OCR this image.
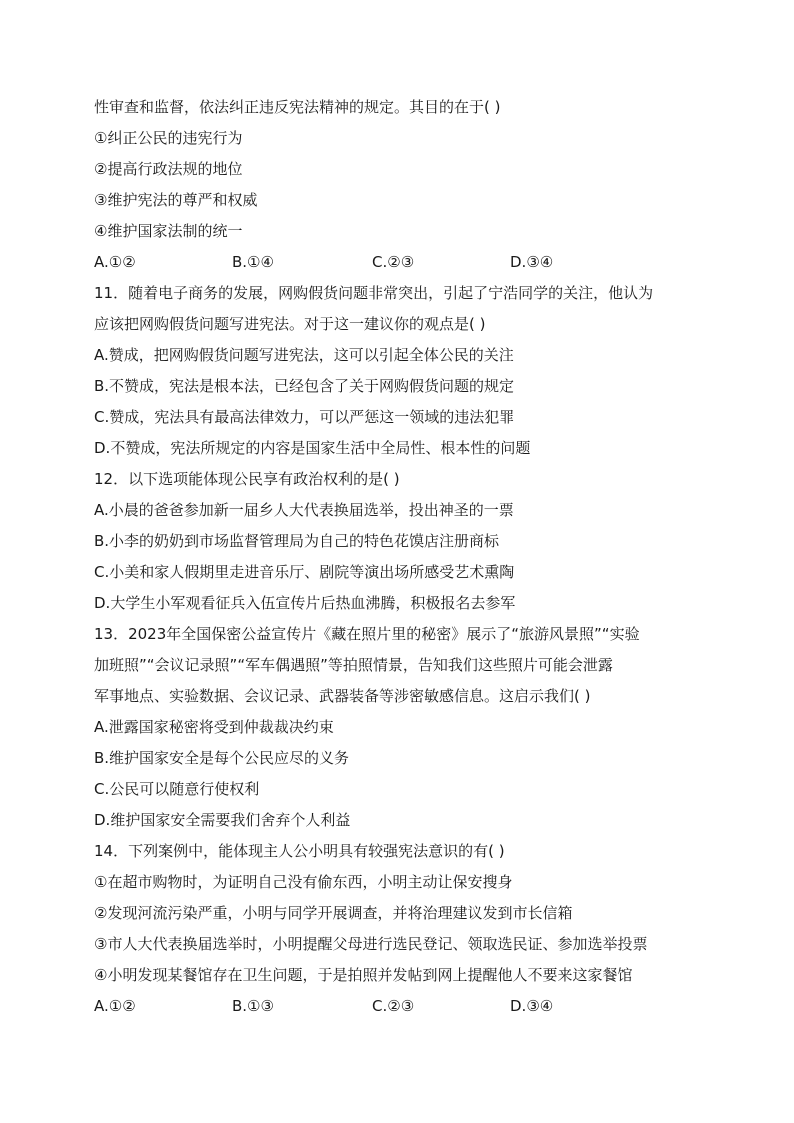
性审查和监督，依法纠正违反宪法精神的规定。其目的在于( )
①纠正公民的违宪行为
②提高行政法规的地位
③维护宪法的尊严和权威
④维护国家法制的统一
A.①②	B.①④	C.②③	D.③④
11．随着电子商务的发展，网购假货问题非常突出，引起了宁浩同学的关注，他认为
应该把网购假货问题写进宪法。对于这一建议你的观点是( )
A.赞成，把网购假货问题写进宪法，这可以引起全体公民的关注
B.不赞成，宪法是根本法，已经包含了关于网购假货问题的规定
C.赞成，宪法具有最高法律效力，可以严惩这一领域的违法犯罪
D.不赞成，宪法所规定的内容是国家生活中全局性、根本性的问题
12．以下选项能体现公民享有政治权利的是( )
A.小晨的爸爸参加新一届乡人大代表换届选举，投出神圣的一票
B.小李的奶奶到市场监督管理局为自己的特色花馍店注册商标
C.小美和家人假期里走进音乐厅、剧院等演出场所感受艺术熏陶
D.大学生小军观看征兵入伍宣传片后热血沸腾，积极报名去参军
13．2023年全国保密公益宣传片《藏在照片里的秘密》展示了“旅游风景照”“实验
加班照”“会议记录照”“军车偶遇照”等拍照情景，告知我们这些照片可能会泄露
军事地点、实验数据、会议记录、武器装备等涉密敏感信息。这启示我们( )
A.泄露国家秘密将受到仲裁裁决约束
B.维护国家安全是每个公民应尽的义务
C.公民可以随意行使权利
D.维护国家安全需要我们舍弃个人利益
14．下列案例中，能体现主人公小明具有较强宪法意识的有( )
①在超市购物时，为证明自己没有偷东西，小明主动让保安搜身
②发现河流污染严重，小明与同学开展调查，并将治理建议发到市长信箱
③市人大代表换届选举时，小明提醒父母进行选民登记、领取选民证、参加选举投票
④小明发现某餐馆存在卫生问题，于是拍照并发帖到网上提醒他人不要来这家餐馆
A.①②	B.①③	C.②③	D.③④
